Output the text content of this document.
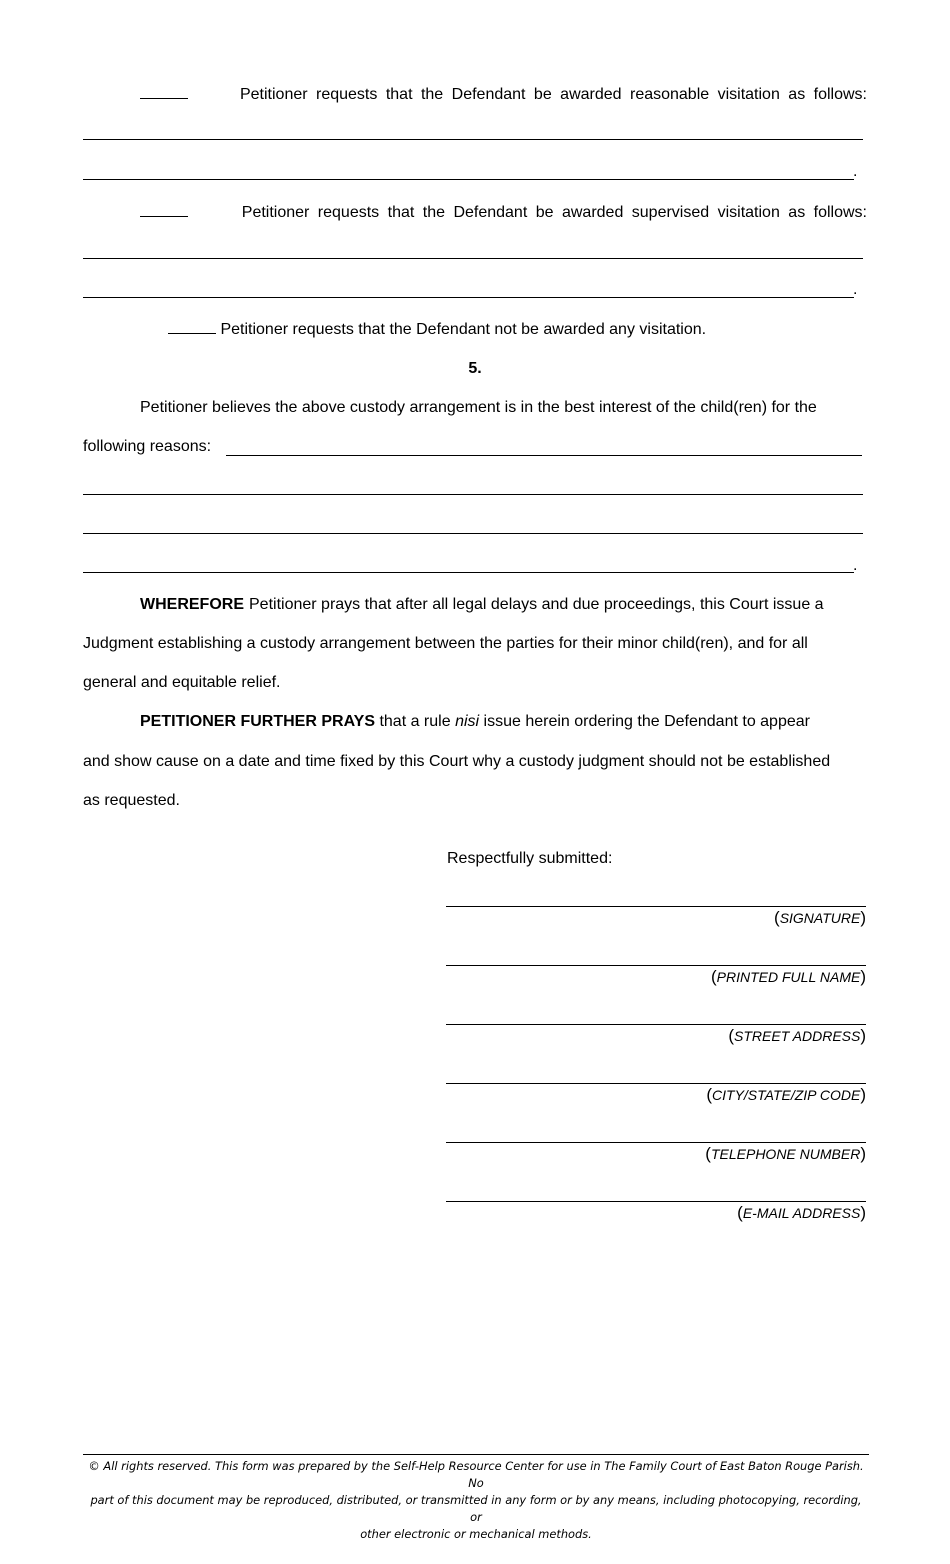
Petitioner requests that the Defendant be awarded reasonable visitation as follows:
.
Petitioner requests that the Defendant be awarded supervised visitation as follows:
.
Petitioner requests that the Defendant not be awarded any visitation.
5.
Petitioner believes the above custody arrangement is in the best interest of the child(ren) for the
following reasons:
.
WHEREFORE Petitioner prays that after all legal delays and due proceedings, this Court issue a
Judgment establishing a custody arrangement between the parties for their minor child(ren), and for all
general and equitable relief.
PETITIONER FURTHER PRAYS that a rule nisi issue herein ordering the Defendant to appear
and show cause on a date and time fixed by this Court why a custody judgment should not be established
as requested.
Respectfully submitted:
(SIGNATURE)
(PRINTED FULL NAME)
(STREET ADDRESS)
(CITY/STATE/ZIP CODE)
(TELEPHONE NUMBER)
(E-MAIL ADDRESS)
© All rights reserved. This form was prepared by the Self-Help Resource Center for use in The Family Court of East Baton Rouge Parish. No
part of this document may be reproduced, distributed, or transmitted in any form or by any means, including photocopying, recording, or
other electronic or mechanical methods.
